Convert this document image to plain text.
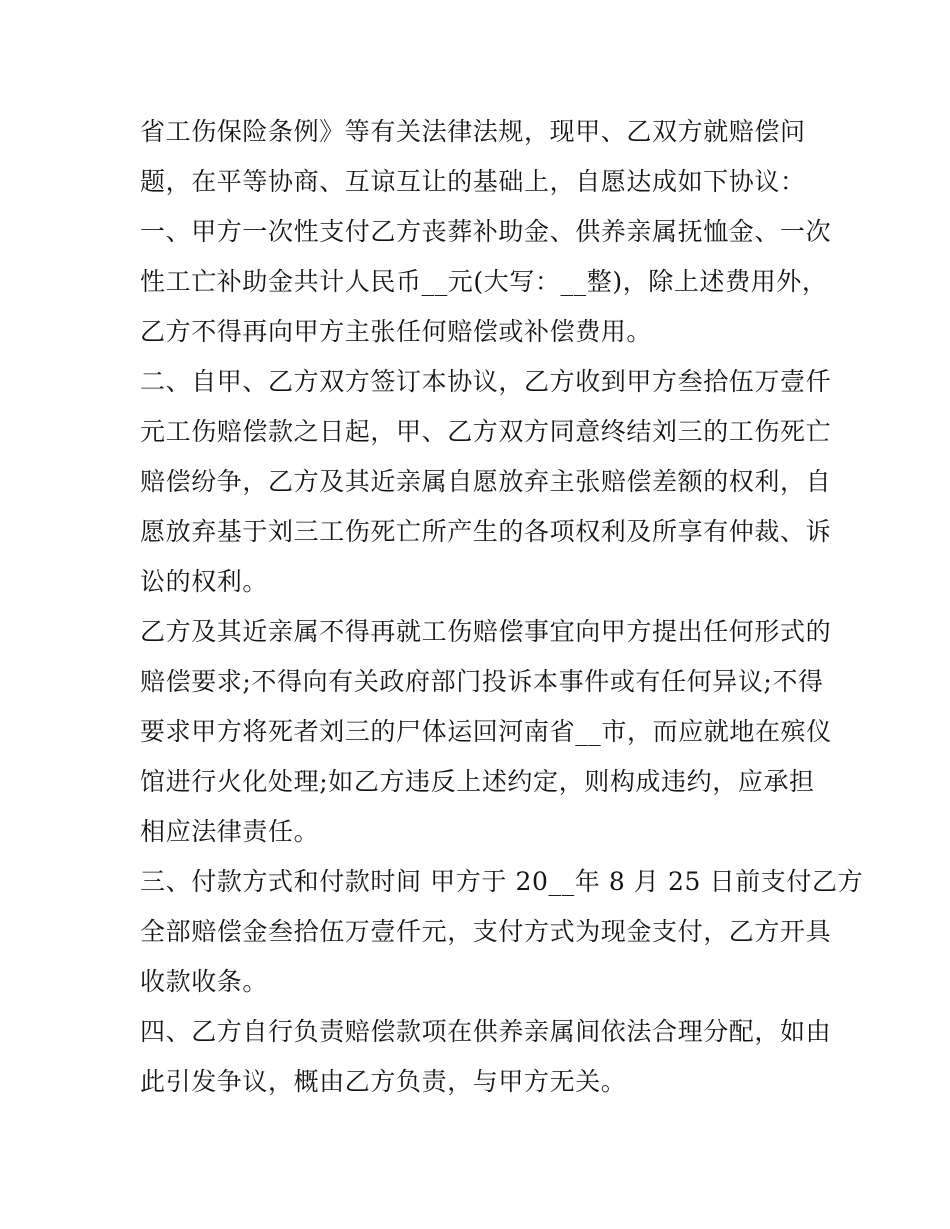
省工伤保险条例》等有关法律法规，现甲、乙双方就赔偿问
题，在平等协商、互谅互让的基础上，自愿达成如下协议：
一、甲方一次性支付乙方丧葬补助金、供养亲属抚恤金、一次
性工亡补助金共计人民币__元(大写：__整)，除上述费用外，
乙方不得再向甲方主张任何赔偿或补偿费用。
二、自甲、乙方双方签订本协议，乙方收到甲方叁拾伍万壹仟
元工伤赔偿款之日起，甲、乙方双方同意终结刘三的工伤死亡
赔偿纷争，乙方及其近亲属自愿放弃主张赔偿差额的权利，自
愿放弃基于刘三工伤死亡所产生的各项权利及所享有仲裁、诉
讼的权利。
乙方及其近亲属不得再就工伤赔偿事宜向甲方提出任何形式的
赔偿要求;不得向有关政府部门投诉本事件或有任何异议;不得
要求甲方将死者刘三的尸体运回河南省__市，而应就地在殡仪
馆进行火化处理;如乙方违反上述约定，则构成违约，应承担
相应法律责任。
三、付款方式和付款时间 甲方于 20__年 8 月 25 日前支付乙方
全部赔偿金叁拾伍万壹仟元，支付方式为现金支付，乙方开具
收款收条。
四、乙方自行负责赔偿款项在供养亲属间依法合理分配，如由
此引发争议，概由乙方负责，与甲方无关。
